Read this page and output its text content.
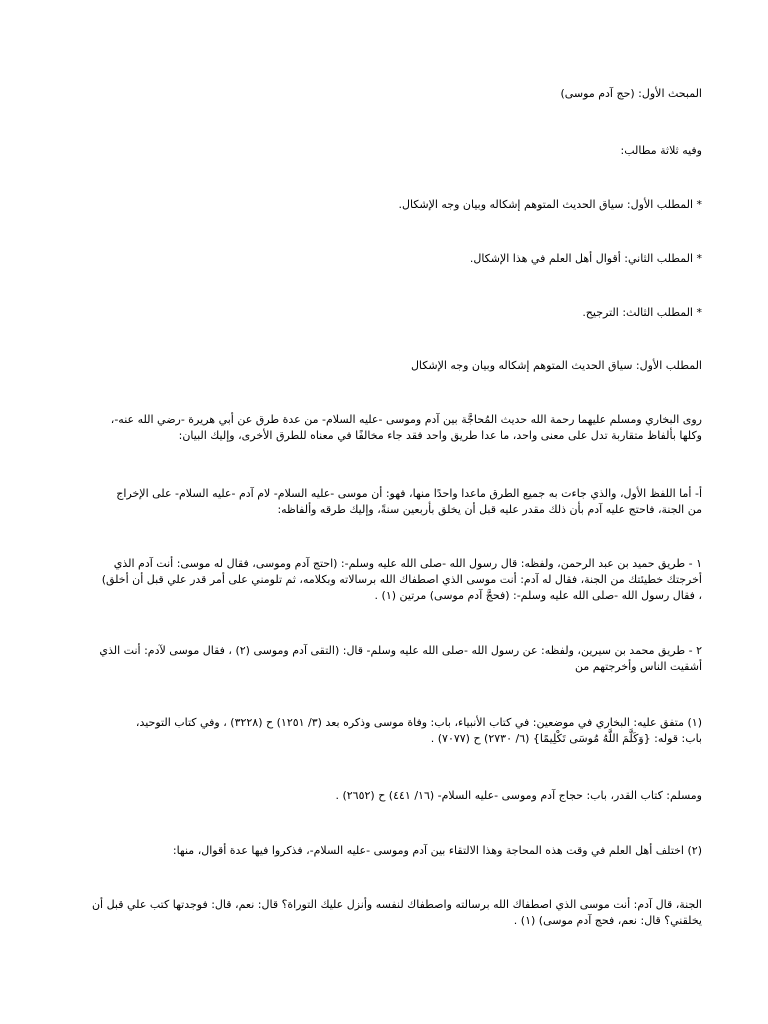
المبحث الأول: (حج آدم موسى)
وفيه ثلاثة مطالب:
* المطلب الأول: سياق الحديث المتوهم إشكاله وبيان وجه الإشكال.
* المطلب الثاني: أقوال أهل العلم في هذا الإشكال.
* المطلب الثالث: الترجيح.
المطلب الأول: سياق الحديث المتوهم إشكاله وبيان وجه الإشكال
روى البخاري ومسلم عليهما رحمة الله حديث المُحاجَّة بين آدم وموسى -عليه السلام- من عدة طرق عن أبي هريرة -رضي الله عنه-،
وكلها بألفاظ متقاربة تدل على معنى واحد، ما عدا طريق واحد فقد جاء مخالفًا في معناه للطرق الأخرى، وإليك البيان:
أ- أما اللفظ الأول، والذي جاءت به جميع الطرق ماعدا واحدًا منها، فهو: أن موسى -عليه السلام- لام آدم -عليه السلام- على الإخراج
من الجنة، فاحتج عليه آدم بأن ذلك مقدر عليه قبل أن يخلق بأربعين سنةً، وإليك طرقه وألفاظه:
١ - طريق حميد بن عبد الرحمن، ولفظه: قال رسول الله -صلى الله عليه وسلم-: (احتج آدم وموسى، فقال له موسى: أنت آدم الذي
أخرجتك خطيئتك من الجنة، فقال له آدم: أنت موسى الذي اصطفاك الله برسالاته وبكلامه، ثم تلومني على أمر قدر علي قبل أن أخلق)
، فقال رسول الله -صلى الله عليه وسلم-: (فحجَّ آدم موسى) مرتين (١) .
٢ - طريق محمد بن سيرين، ولفظه: عن رسول الله -صلى الله عليه وسلم- قال: (التقى آدم وموسى (٢) ، فقال موسى لآدم: أنت الذي
أشقيت الناس وأخرجتهم من
(١) متفق عليه: البخاري في موضعين: في كتاب الأنبياء، باب: وفاة موسى وذكره بعد (٣/ ١٢٥١) ح (٣٢٢٨) ، وفي كتاب التوحيد،
باب: قوله: {وَكَلَّمَ اللَّهُ مُوسَى تَكْلِيمًا} (٦/ ٢٧٣٠) ح (٧٠٧٧) .
ومسلم: كتاب القدر، باب: حجاج آدم وموسى -عليه السلام- (١٦/ ٤٤١) ح (٢٦٥٢) .
(٢) اختلف أهل العلم في وقت هذه المحاجة وهذا الالتقاء بين آدم وموسى -عليه السلام-، فذكروا فيها عدة أقوال، منها:
الجنة، قال آدم: أنت موسى الذي اصطفاك الله برسالته واصطفاك لنفسه وأنزل عليك التوراة؟ قال: نعم، قال: فوجدتها كتب علي قبل أن
يخلقني؟ قال: نعم، فحج آدم موسى) (١) .
